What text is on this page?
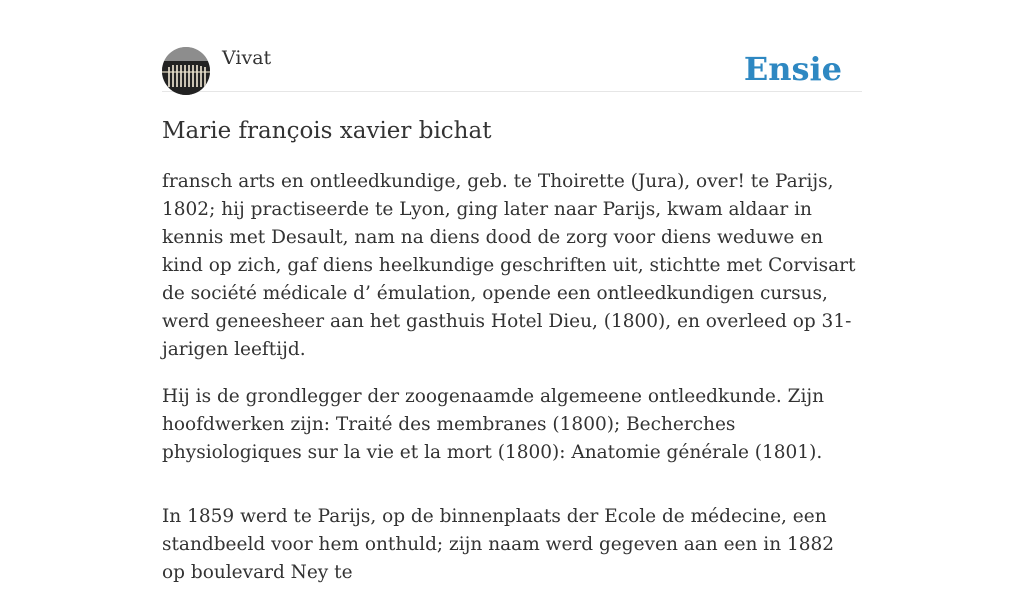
Vivat	Ensie
Marie françois xavier bichat

fransch arts en ontleedkundige, geb. te Thoirette (Jura), over! te Parijs, 1802; hij practiseerde te Lyon, ging later naar Parijs, kwam aldaar in kennis met Desault, nam na diens dood de zorg voor diens weduwe en kind op zich, gaf diens heelkundige geschriften uit, stichtte met Corvisart de société médicale d’ émulation, opende een ontleedkundigen cursus, werd geneesheer aan het gasthuis Hotel Dieu, (1800), en overleed op 31-jarigen leeftijd.

Hij is de grondlegger der zoogenaamde algemeene ontleedkunde. Zijn hoofdwerken zijn: Traité des membranes (1800); Becherches physiologiques sur la vie et la mort (1800): Anatomie générale (1801).

In 1859 werd te Parijs, op de binnenplaats der Ecole de médecine, een standbeeld voor hem onthuld; zijn naam werd gegeven aan een in 1882 op boulevard Ney te
